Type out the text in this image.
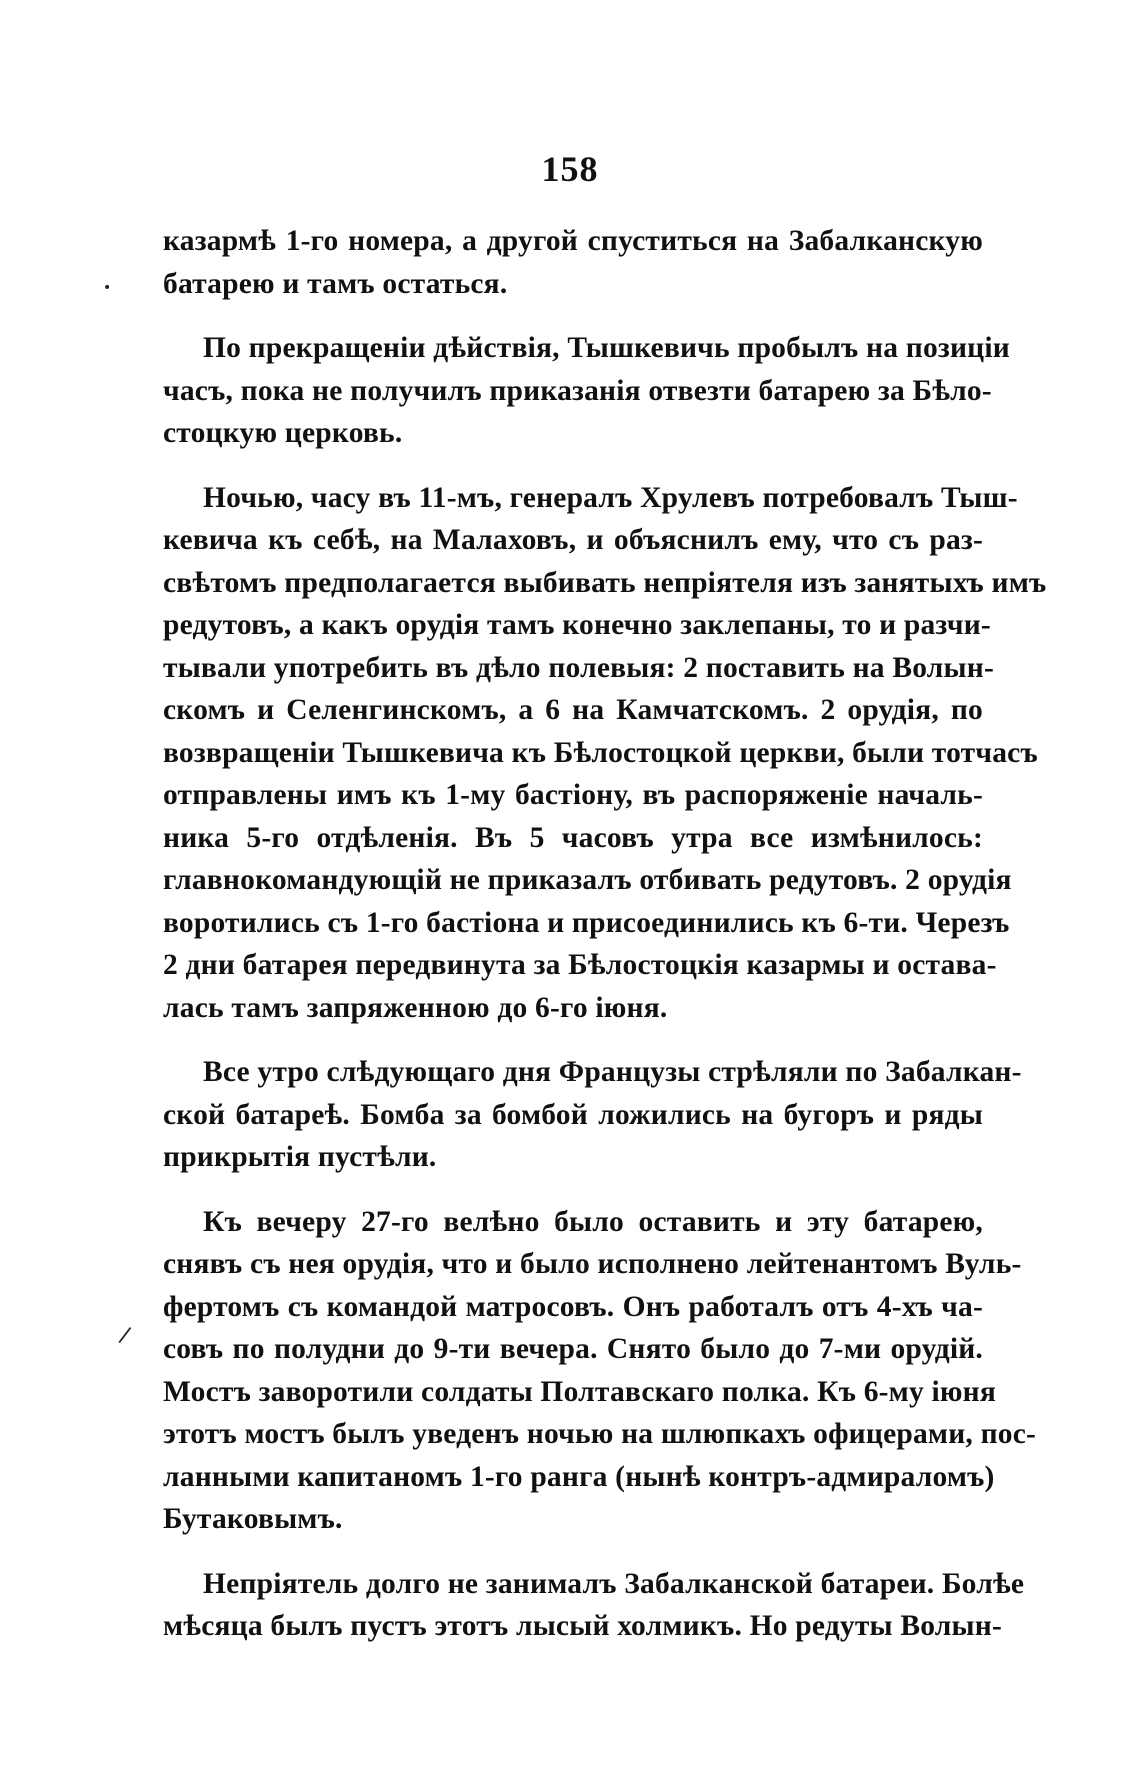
158
•
/

казармѣ 1-го номера, а другой спуститься на Забалканскую
батарею и тамъ остаться.

По прекращеніи дѣйствія, Тышкевичь пробылъ на позиціи
часъ, пока не получилъ приказанія отвезти батарею за Бѣло-
стоцкую церковь.

Ночью, часу въ 11-мъ, генералъ Хрулевъ потребовалъ Тыш-
кевича къ себѣ, на Малаховъ, и объяснилъ ему, что съ раз-
свѣтомъ предполагается выбивать непріятеля изъ занятыхъ имъ
редутовъ, а какъ орудія тамъ конечно заклепаны, то и разчи-
тывали употребить въ дѣло полевыя: 2 поставить на Волын-
скомъ и Селенгинскомъ, а 6 на Камчатскомъ. 2 орудія, по
возвращеніи Тышкевича къ Бѣлостоцкой церкви, были тотчасъ
отправлены имъ къ 1-му бастіону, въ распоряженіе началь-
ника 5-го отдѣленія. Въ 5 часовъ утра все измѣнилось:
главнокомандующій не приказалъ отбивать редутовъ. 2 орудія
воротились съ 1-го бастіона и присоединились къ 6-ти. Черезъ
2 дни батарея передвинута за Бѣлостоцкія казармы и остава-
лась тамъ запряженною до 6-го іюня.

Все утро слѣдующаго дня Французы стрѣляли по Забалкан-
ской батареѣ. Бомба за бомбой ложились на бугоръ и ряды
прикрытія пустѣли.

Къ вечеру 27-го велѣно было оставить и эту батарею,
снявъ съ нея орудія, что и было исполнено лейтенантомъ Вуль-
фертомъ съ командой матросовъ. Онъ работалъ отъ 4-хъ ча-
совъ по полудни до 9-ти вечера. Снято было до 7-ми орудій.
Мостъ заворотили солдаты Полтавскаго полка. Къ 6-му іюня
этотъ мостъ былъ уведенъ ночью на шлюпкахъ офицерами, пос-
ланными капитаномъ 1-го ранга (нынѣ контръ-адмираломъ)
Бутаковымъ.

Непріятель долго не занималъ Забалканской батареи. Болѣе
мѣсяца былъ пустъ этотъ лысый холмикъ. Но редуты Волын-
